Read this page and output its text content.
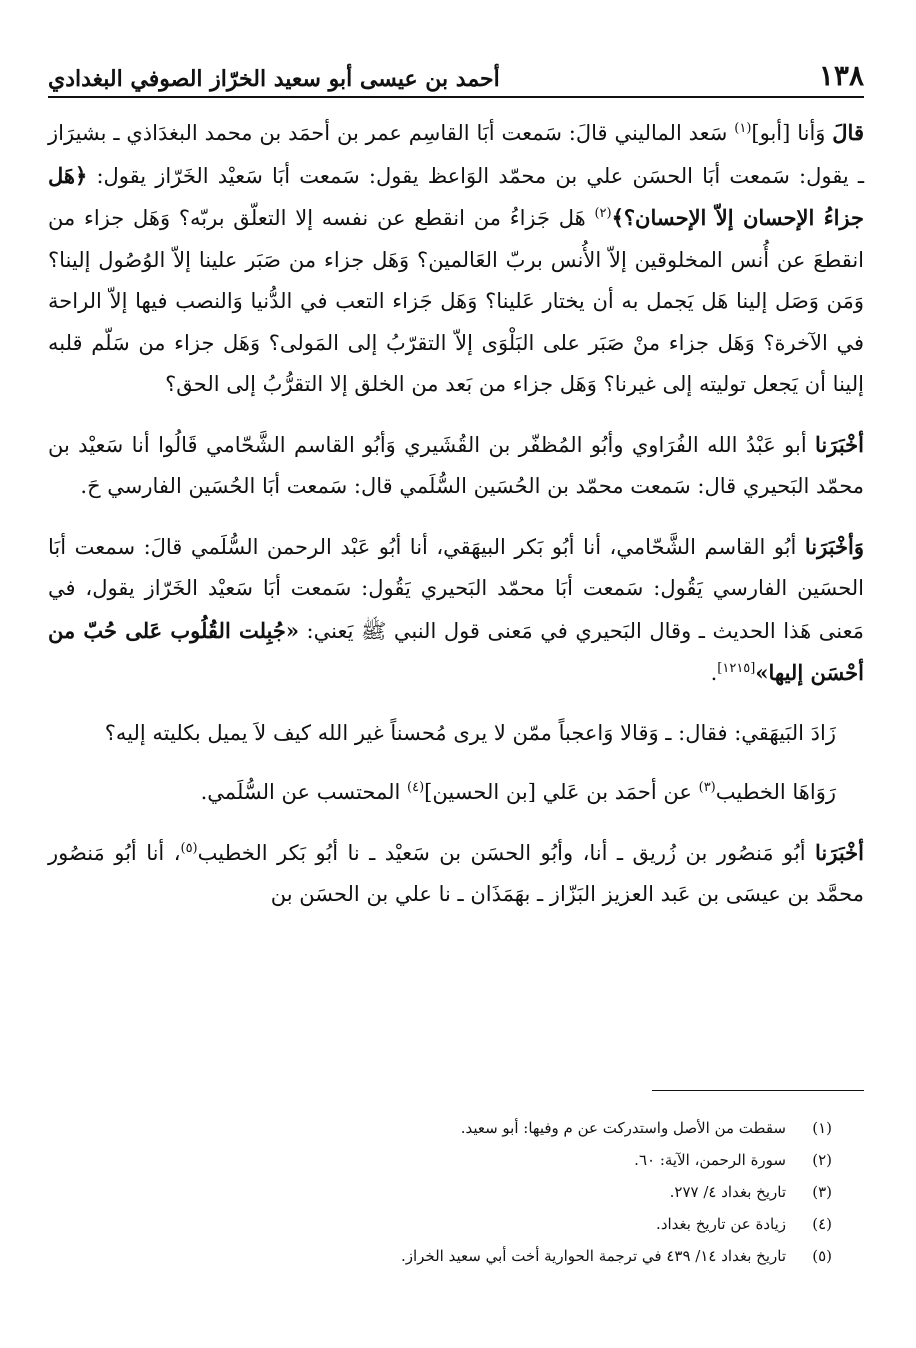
١٣٨
أحمد بن عيسى أبو سعيد الخرّاز الصوفي البغدادي

قالَ وَأنا [أبو]$^{(١)}$ سَعد الماليني قالَ: سَمعت أبَا القاسِم عمر بن أحمَد بن محمد البغدَاذي ـ بشيرَاز ـ يقول: سَمعت أبَا الحسَن علي بن محمّد الوَاعظ يقول: سَمعت أبَا سَعيْد الخَرّاز يقول: ﴿هَل جزاءُ الإحسان إلاّ الإحسان؟﴾$^{(٢)}$ هَل جَزاءُ من انقطع عن نفسه إلا التعلّق بربّه؟ وَهَل جزاء من انقطعَ عن أُنس المخلوقين إلاّ الأُنس بربّ العَالمين؟ وَهَل جزاء من صَبَر علينا إلاّ الوُصُول إلينا؟ وَمَن وَصَل إلينا هَل يَجمل به أن يختار عَلينا؟ وَهَل جَزاء التعب في الدُّنيا وَالنصب فيها إلاّ الراحة في الآخرة؟ وَهَل جزاء منْ صَبَر على البَلْوَى إلاّ التقرّبُ إلى المَولى؟ وَهَل جزاء من سَلّم قلبه إلينا أن يَجعل توليته إلى غيرنا؟ وَهَل جزاء من بَعد من الخلق إلا التقرُّبُ إلى الحق؟

أخْبَرَنا أبو عَبْدُ الله الفُرَاوي وأبُو المُظفّر بن القُشَيري وَأبُو القاسم الشَّحّامي قَالُوا أنا سَعيْد بن محمّد البَحيري قال: سَمعت محمّد بن الحُسَين السُّلَمي قال: سَمعت أبَا الحُسَين الفارسي حَ.

وَأخْبَرَنا أبُو القاسم الشَّحّامي، أنا أبُو بَكر البيهَقي، أنا أبُو عَبْد الرحمن السُّلَمي قالَ: سمعت أبَا الحسَين الفارسي يَقُول: سَمعت أبَا محمّد البَحيري يَقُول: سَمعت أبَا سَعيْد الخَرّاز يقول، في مَعنى هَذا الحديث ـ وقال البَحيري في مَعنى قول النبي ﷺ يَعني: «جُبِلت القُلُوب عَلى حُبّ من أحْسَن إليها»[١٢١٥].

زَادَ البَيهَقي: فقال: ـ وَقالا وَاعجباً ممّن لا يرى مُحسناً غير الله كيف لاَ يميل بكليته إليه؟

رَوَاهَا الخطيب$^{(٣)}$ عن أحمَد بن عَلي [بن الحسين]$^{(٤)}$ المحتسب عن السُّلَمي.

أخْبَرَنا أبُو مَنصُور بن زُريق ـ أنا، وأبُو الحسَن بن سَعيْد ـ نا أبُو بَكر الخطيب$^{(٥)}$، أنا أبُو مَنصُور محمَّد بن عيسَى بن عَبد العزيز البَزّاز ـ بهَمَذَان ـ نا علي بن الحسَن بن

(١)
سقطت من الأصل واستدركت عن م وفيها: أبو سعيد.
(٢)
سورة الرحمن، الآية: ٦٠.
(٣)
تاريخ بغداد ٤/ ٢٧٧.
(٤)
زيادة عن تاريخ بغداد.
(٥)
تاريخ بغداد ١٤/ ٤٣٩ في ترجمة الحوارية أخت أبي سعيد الخراز.
